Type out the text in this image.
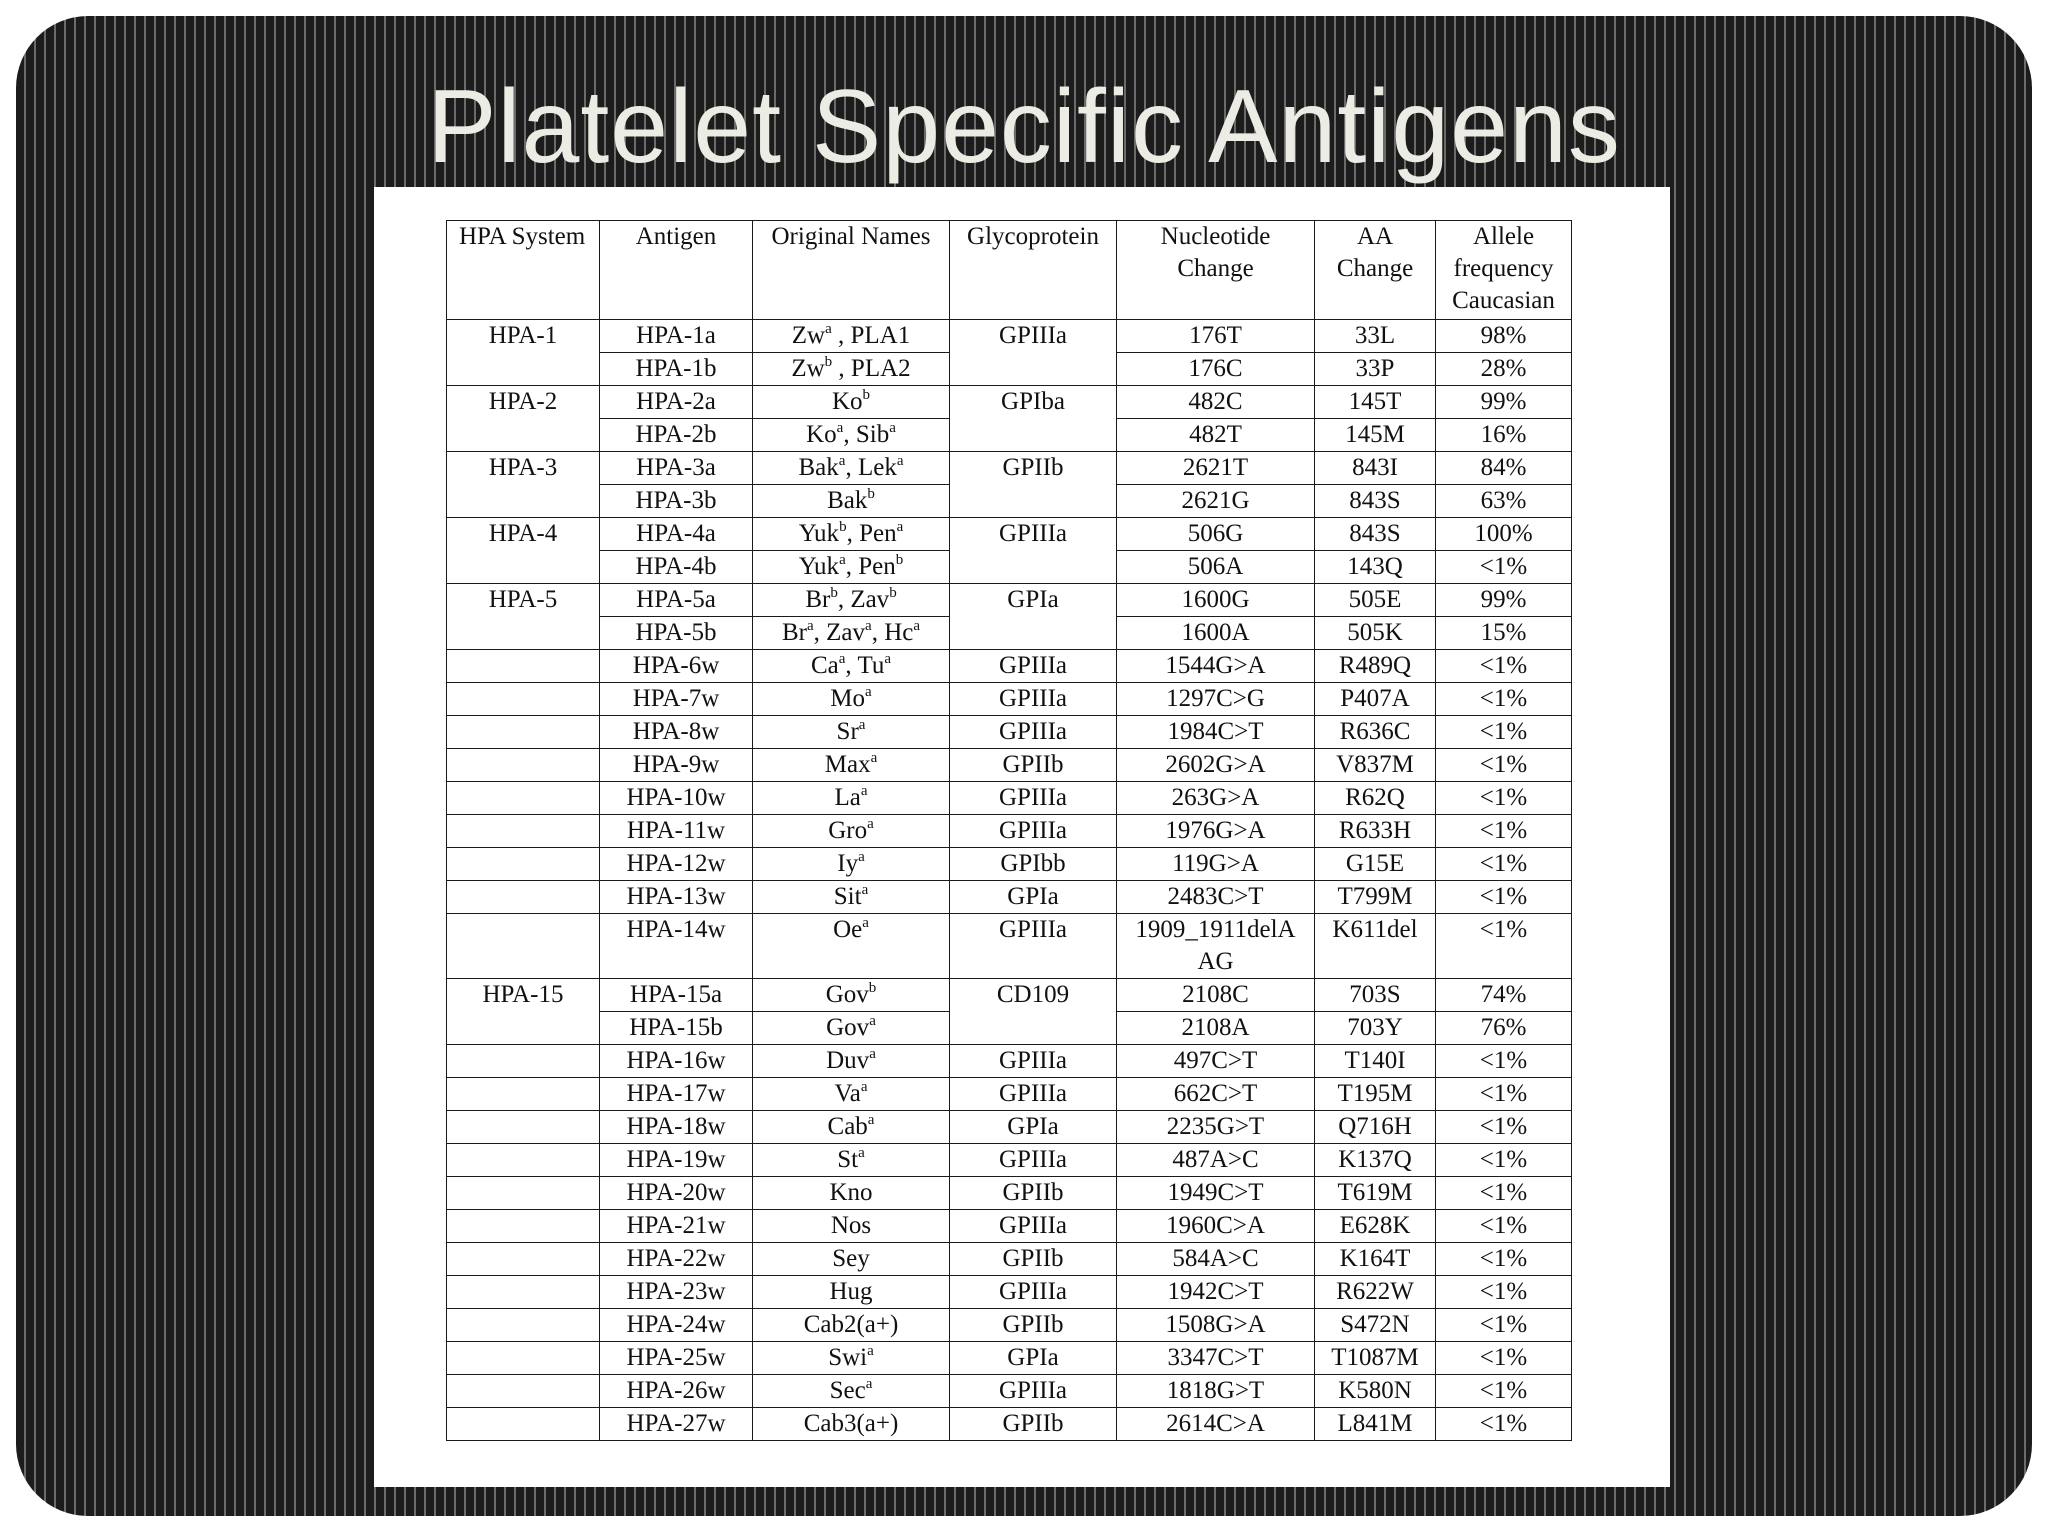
Platelet Specific Antigens
HPA System	Antigen	Original Names	Glycoprotein	Nucleotide Change	AA Change	Allele frequency Caucasian
HPA-1	HPA-1a	Zw$^a$ , PLA1	GPIIIa	176T	33L	98%
	HPA-1b	Zw$^b$ , PLA2		176C	33P	28%
HPA-2	HPA-2a	Ko$^b$	GPIba	482C	145T	99%
	HPA-2b	Ko$^a$, Sib$^a$		482T	145M	16%
HPA-3	HPA-3a	Bak$^a$, Lek$^a$	GPIIb	2621T	843I	84%
	HPA-3b	Bak$^b$		2621G	843S	63%
HPA-4	HPA-4a	Yuk$^b$, Pen$^a$	GPIIIa	506G	843S	100%
	HPA-4b	Yuk$^a$, Pen$^b$		506A	143Q	<1%
HPA-5	HPA-5a	Br$^b$, Zav$^b$	GPIa	1600G	505E	99%
	HPA-5b	Br$^a$, Zav$^a$, Hc$^a$		1600A	505K	15%
	HPA-6w	Ca$^a$, Tu$^a$	GPIIIa	1544G>A	R489Q	<1%
	HPA-7w	Mo$^a$	GPIIIa	1297C>G	P407A	<1%
	HPA-8w	Sr$^a$	GPIIIa	1984C>T	R636C	<1%
	HPA-9w	Max$^a$	GPIIb	2602G>A	V837M	<1%
	HPA-10w	La$^a$	GPIIIa	263G>A	R62Q	<1%
	HPA-11w	Gro$^a$	GPIIIa	1976G>A	R633H	<1%
	HPA-12w	Iy$^a$	GPIbb	119G>A	G15E	<1%
	HPA-13w	Sit$^a$	GPIa	2483C>T	T799M	<1%
	HPA-14w	Oe$^a$	GPIIIa	1909_1911delA AG	K611del	<1%
HPA-15	HPA-15a	Gov$^b$	CD109	2108C	703S	74%
	HPA-15b	Gov$^a$		2108A	703Y	76%
	HPA-16w	Duv$^a$	GPIIIa	497C>T	T140I	<1%
	HPA-17w	Va$^a$	GPIIIa	662C>T	T195M	<1%
	HPA-18w	Cab$^a$	GPIa	2235G>T	Q716H	<1%
	HPA-19w	St$^a$	GPIIIa	487A>C	K137Q	<1%
	HPA-20w	Kno	GPIIb	1949C>T	T619M	<1%
	HPA-21w	Nos	GPIIIa	1960C>A	E628K	<1%
	HPA-22w	Sey	GPIIb	584A>C	K164T	<1%
	HPA-23w	Hug	GPIIIa	1942C>T	R622W	<1%
	HPA-24w	Cab2(a+)	GPIIb	1508G>A	S472N	<1%
	HPA-25w	Swi$^a$	GPIa	3347C>T	T1087M	<1%
	HPA-26w	Sec$^a$	GPIIIa	1818G>T	K580N	<1%
	HPA-27w	Cab3(a+)	GPIIb	2614C>A	L841M	<1%
